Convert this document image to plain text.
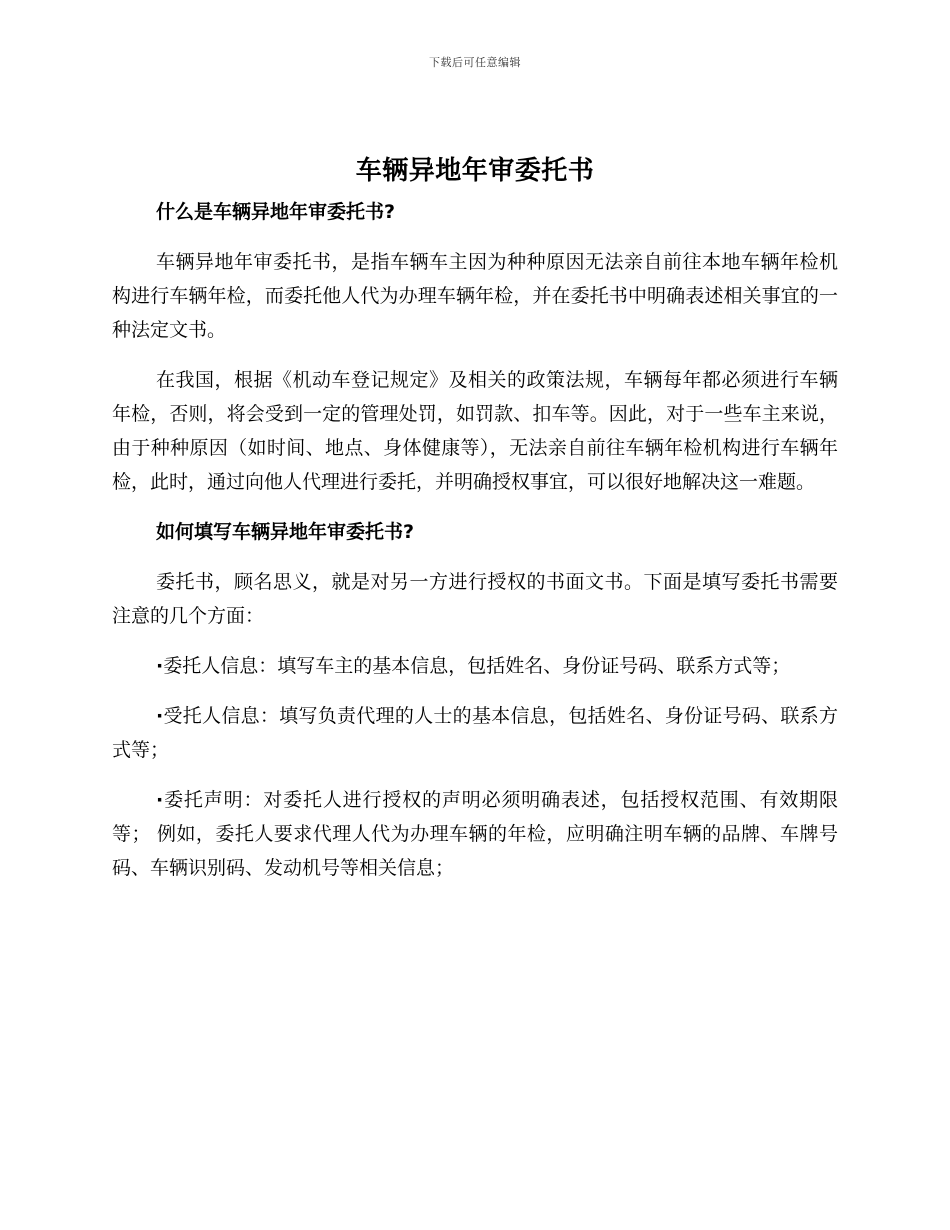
下载后可任意编辑
车辆异地年审委托书
什么是车辆异地年审委托书?

车辆异地年审委托书，是指车辆车主因为种种原因无法亲自前往本地车辆年检机构进行车辆年检，而委托他人代为办理车辆年检，并在委托书中明确表述相关事宜的一种法定文书。

在我国，根据《机动车登记规定》及相关的政策法规，车辆每年都必须进行车辆年检，否则，将会受到一定的管理处罚，如罚款、扣车等。因此，对于一些车主来说，由于种种原因（如时间、地点、身体健康等），无法亲自前往车辆年检机构进行车辆年检，此时，通过向他人代理进行委托，并明确授权事宜，可以很好地解决这一难题。

如何填写车辆异地年审委托书?

委托书，顾名思义，就是对另一方进行授权的书面文书。下面是填写委托书需要注意的几个方面：

·委托人信息：填写车主的基本信息，包括姓名、身份证号码、联系方式等；

·受托人信息：填写负责代理的人士的基本信息，包括姓名、身份证号码、联系方式等；

·委托声明：对委托人进行授权的声明必须明确表述，包括授权范围、有效期限等； 例如，委托人要求代理人代为办理车辆的年检，应明确注明车辆的品牌、车牌号码、车辆识别码、发动机号等相关信息；
